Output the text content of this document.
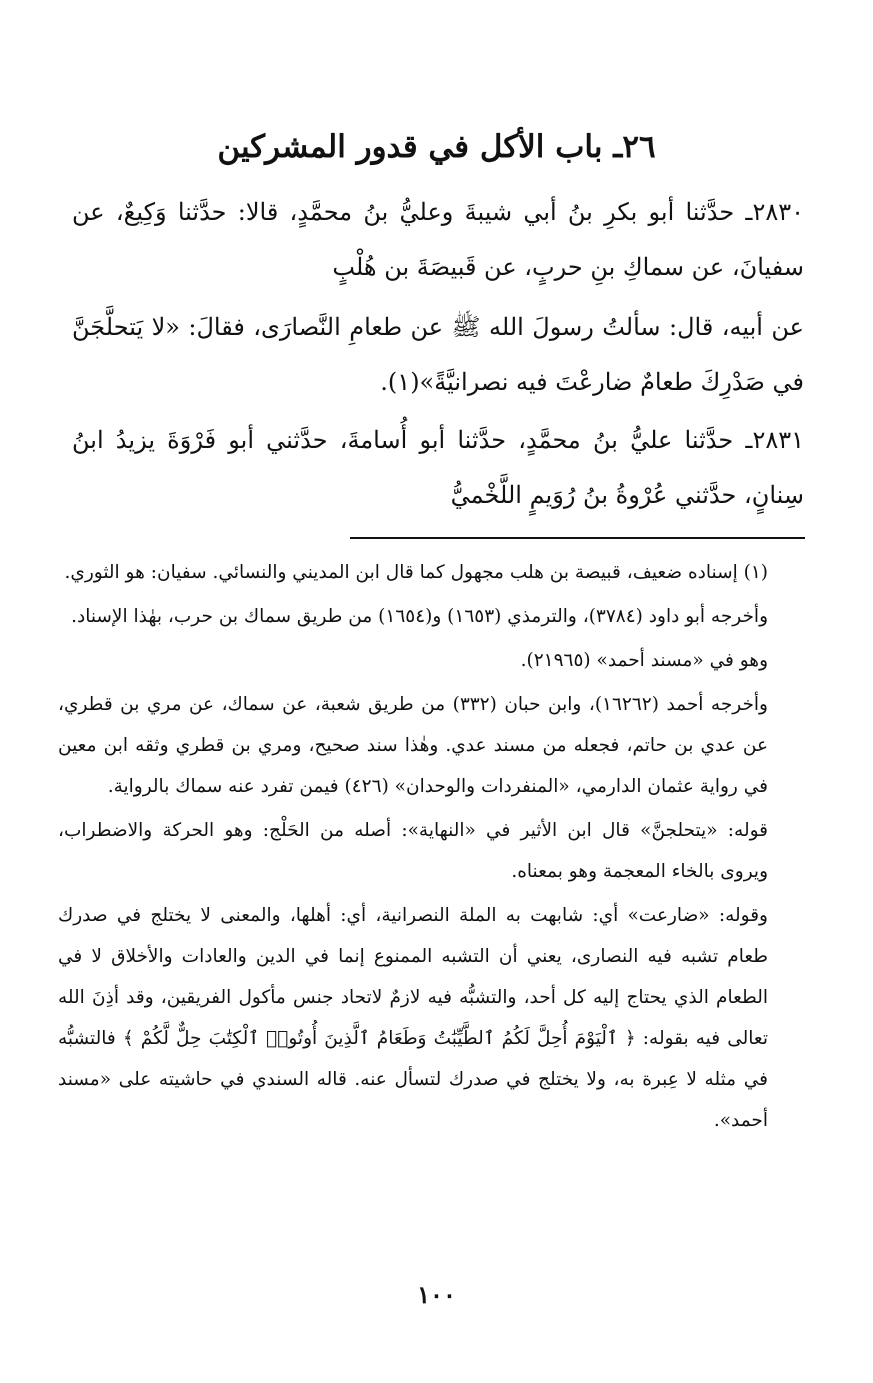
٢٦ـ باب الأكل في قدور المشركين

٢٨٣٠ـ حدَّثنا أبو بكرِ بنُ أبي شيبةَ وعليُّ بنُ محمَّدٍ، قالا: حدَّثنا وَكِيعٌ، عن سفيانَ، عن سماكِ بنِ حربٍ، عن قَبيصَةَ بن هُلْبٍ

عن أبيه، قال: سألتُ رسولَ الله ﷺ عن طعامِ النَّصارَى، فقالَ: «لا يَتحلَّجَنَّ في صَدْرِكَ طعامٌ ضارعْتَ فيه نصرانيَّةً»(١).

٢٨٣١ـ حدَّثنا عليُّ بنُ محمَّدٍ، حدَّثنا أبو أُسامةَ، حدَّثني أبو فَرْوَةَ يزيدُ ابنُ سِنانٍ، حدَّثني عُرْوةُ بنُ رُوَيمٍ اللَّخْميُّ

(١) إسناده ضعيف، قبيصة بن هلب مجهول كما قال ابن المديني والنسائي. سفيان: هو الثوري.

وأخرجه أبو داود (٣٧٨٤)، والترمذي (١٦٥٣) و(١٦٥٤) من طريق سماك بن حرب، بهٰذا الإسناد.

وهو في «مسند أحمد» (٢١٩٦٥).

وأخرجه أحمد (١٦٢٦٢)، وابن حبان (٣٣٢) من طريق شعبة، عن سماك، عن مري بن قطري، عن عدي بن حاتم، فجعله من مسند عدي. وهٰذا سند صحيح، ومري بن قطري وثقه ابن معين في رواية عثمان الدارمي، «المنفردات والوحدان» (٤٢٦) فيمن تفرد عنه سماك بالرواية.

قوله: «يتحلجنَّ» قال ابن الأثير في «النهاية»: أصله من الحَلْج: وهو الحركة والاضطراب، ويروى بالخاء المعجمة وهو بمعناه.

وقوله: «ضارعت» أي: شابهت به الملة النصرانية، أي: أهلها، والمعنى لا يختلج في صدرك طعام تشبه فيه النصارى، يعني أن التشبه الممنوع إنما في الدين والعادات والأخلاق لا في الطعام الذي يحتاج إليه كل أحد، والتشبُّه فيه لازمٌ لاتحاد جنس مأكول الفريقين، وقد أذِنَ الله تعالى فيه بقوله: ﴿ ٱلْيَوْمَ أُحِلَّ لَكُمُ ٱلطَّيِّبَٰتُ وَطَعَامُ ٱلَّذِينَ أُوتُوا۟ ٱلْكِتَٰبَ حِلٌّ لَّكُمْ ﴾ فالتشبُّه في مثله لا عِبرة به، ولا يختلج في صدرك لتسأل عنه. قاله السندي في حاشيته على «مسند أحمد».

١٠٠
